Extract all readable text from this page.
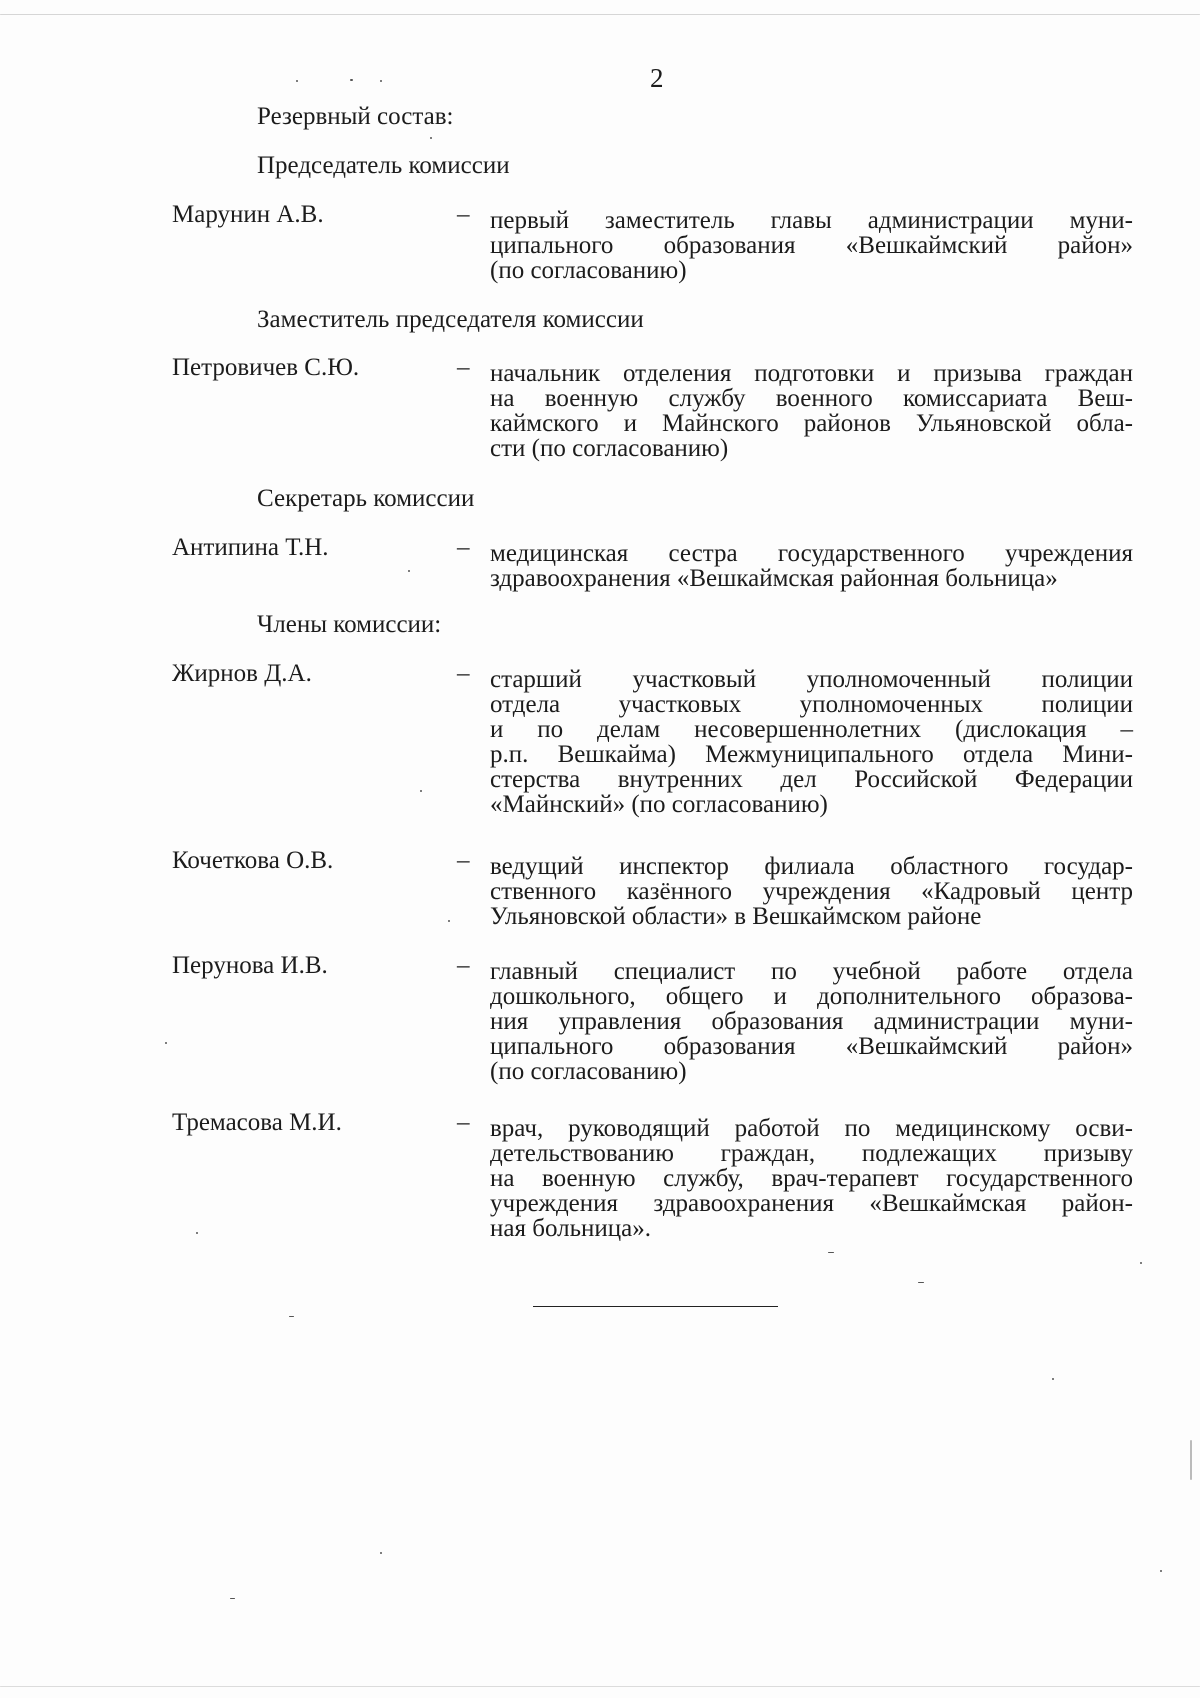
2
Резервный состав:
Председатель комиссии
Марунин А.В.	– первый заместитель главы администрации муни-
ципального образования «Вешкаймский район»
(по согласованию)
Заместитель председателя комиссии
Петровичев С.Ю.	– начальник отделения подготовки и призыва граждан
на военную службу военного комиссариата Веш-
каймского и Майнского районов Ульяновской обла-
сти (по согласованию)
Секретарь комиссии
Антипина Т.Н.	– медицинская сестра государственного учреждения
здравоохранения «Вешкаймская районная больница»
Члены комиссии:
Жирнов Д.А.	– старший участковый уполномоченный полиции
отдела участковых уполномоченных полиции
и по делам несовершеннолетних (дислокация –
р.п. Вешкайма) Межмуниципального отдела Мини-
стерства внутренних дел Российской Федерации
«Майнский» (по согласованию)
Кочеткова О.В.	– ведущий инспектор филиала областного государ-
ственного казённого учреждения «Кадровый центр
Ульяновской области» в Вешкаймском районе
Перунова И.В.	– главный специалист по учебной работе отдела
дошкольного, общего и дополнительного образова-
ния управления образования администрации муни-
ципального образования «Вешкаймский район»
(по согласованию)
Тремасова М.И.	– врач, руководящий работой по медицинскому осви-
детельствованию граждан, подлежащих призыву
на военную службу, врач-терапевт государственного
учреждения здравоохранения «Вешкаймская район-
ная больница».
